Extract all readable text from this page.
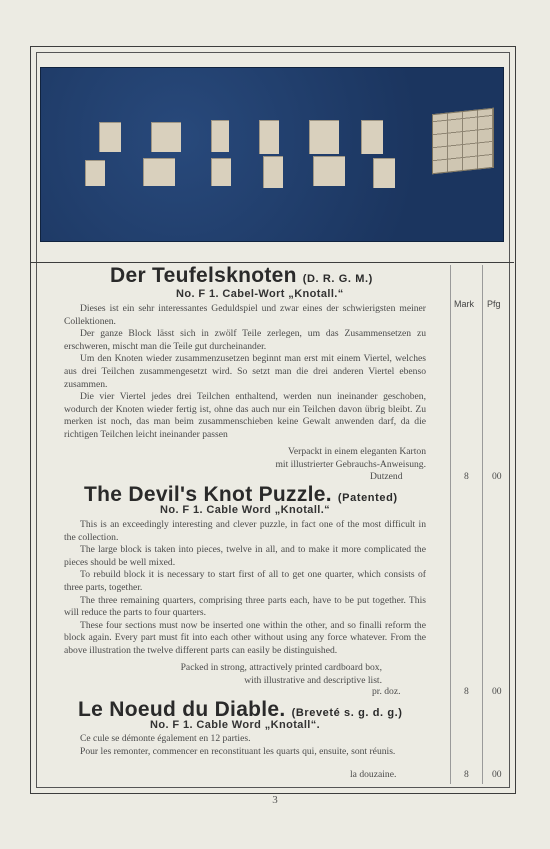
Mark Pfg
Der Teufelsknoten (D. R. G. M.)
No. F 1. Cabel-Wort „Knotall.“

Dieses ist ein sehr interessantes Geduldspiel und zwar eines der schwierigsten meiner Collektionen.

Der ganze Block lässt sich in zwölf Teile zerlegen, um das Zusammensetzen zu erschweren, mischt man die Teile gut durcheinander.

Um den Knoten wieder zusammenzusetzen beginnt man erst mit einem Viertel, welches aus drei Teilchen zusammengesetzt wird. So setzt man die drei anderen Viertel ebenso zusammen.

Die vier Viertel jedes drei Teilchen enthaltend, werden nun ineinander geschoben, wodurch der Knoten wieder fertig ist, ohne das auch nur ein Teilchen davon übrig bleibt. Zu merken ist noch, das man beim zusammenschieben keine Gewalt anwenden darf, da die richtigen Teilchen leicht ineinander passen

Verpackt in einem eleganten Karton
mit illustrierter Gebrauchs-Anweisung.
Dutzend	8 00
The Devil's Knot Puzzle. (Patented)
No. F 1. Cable Word „Knotall.“

This is an exceedingly interesting and clever puzzle, in fact one of the most difficult in the collection.

The large block is taken into pieces, twelve in all, and to make it more complicated the pieces should be well mixed.

To rebuild block it is necessary to start first of all to get one quarter, which consists of three parts, together.

The three remaining quarters, comprising three parts each, have to be put together. This will reduce the parts to four quarters.

These four sections must now be inserted one within the other, and so finalli reform the block again. Every part must fit into each other without using any force whatever. From the above illustration the twelve different parts can easily be distinguished.

Packed in strong, attractively printed cardboard box,
with illustrative and descriptive list.
pr. doz.	8 00
Le Noeud du Diable. (Breveté s. g. d. g.)
No. F 1. Cable Word „Knotall“.

Ce cule se démonte également en 12 parties.

Pour les remonter, commencer en reconstituant les quarts qui, ensuite, sont réunis.

la douzaine.	8 00
3
